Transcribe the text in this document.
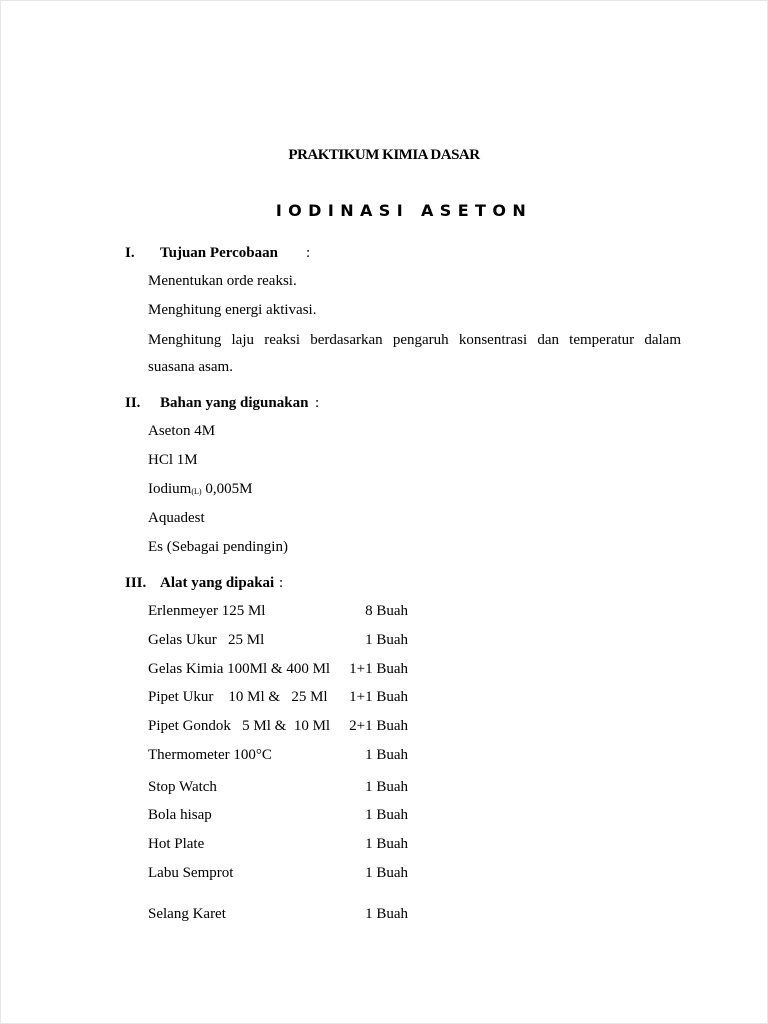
PRAKTIKUM KIMIA DASAR
IODINASI ASETON
I. Tujuan Percobaan :
Menentukan orde reaksi.
Menghitung energi aktivasi.
Menghitung laju reaksi berdasarkan pengaruh konsentrasi dan temperatur dalam
suasana asam.
II. Bahan yang digunakan :
Aseton 4M
HCl 1M
Iodium(L) 0,005M
Aquadest
Es (Sebagai pendingin)
III. Alat yang dipakai :
Erlenmeyer 125 Ml	8 Buah
Gelas Ukur   25 Ml	1 Buah
Gelas Kimia 100Ml & 400 Ml	1+1 Buah
Pipet Ukur    10 Ml &   25 Ml	1+1 Buah
Pipet Gondok   5 Ml &  10 Ml	2+1 Buah
Thermometer 100°C	1 Buah
Stop Watch	1 Buah
Bola hisap	1 Buah
Hot Plate	1 Buah
Labu Semprot	1 Buah
Selang Karet	1 Buah
